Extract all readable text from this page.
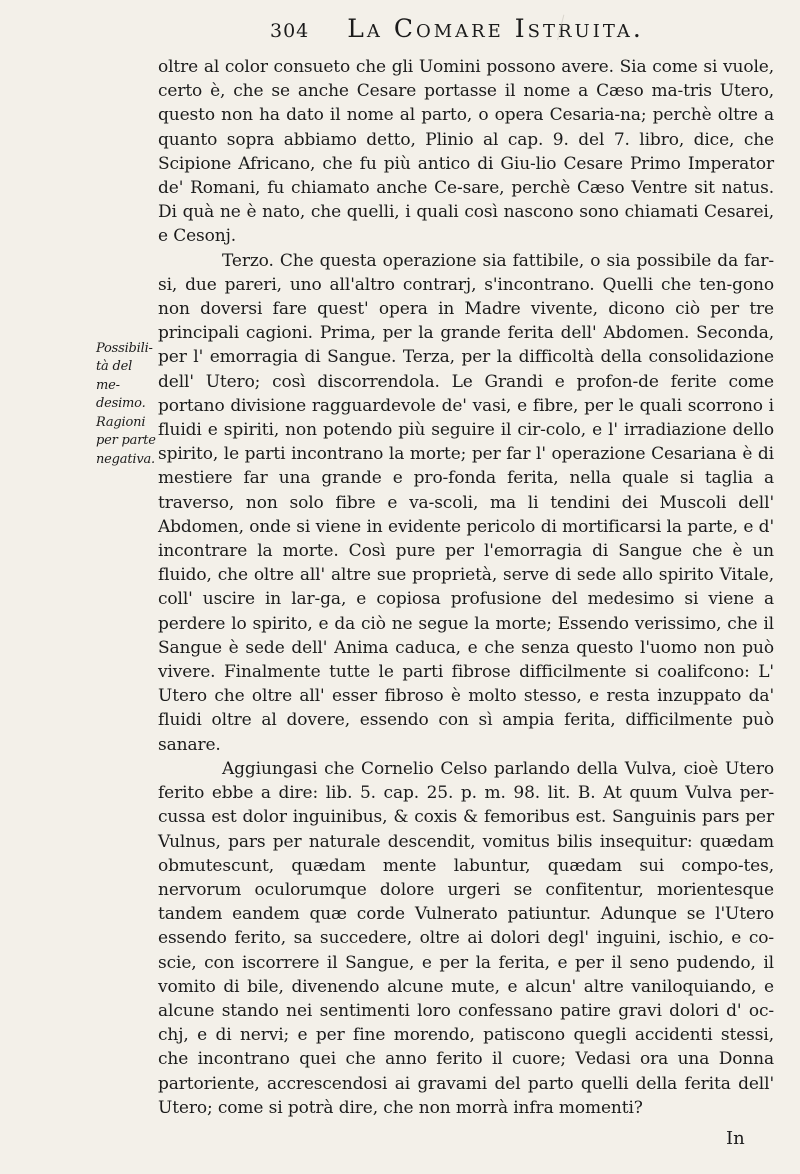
304 La Comare Istruita.
Possibili-
tà del me-
desimo.
Ragioni
per parte
negativa.

oltre al color consueto che gli Uomini possono avere. Sia come si vuole, certo è, che se anche Cesare portasse il nome a Cæso ma-tris Utero, questo non ha dato il nome al parto, o opera Cesaria-na; perchè oltre a quanto sopra abbiamo detto, Plinio al cap. 9. del 7. libro, dice, che Scipione Africano, che fu più antico di Giu-lio Cesare Primo Imperator de' Romani, fu chiamato anche Ce-sare, perchè Cæso Ventre sit natus. Di quà ne è nato, che quelli, i quali così nascono sono chiamati Cesarei, e Cesonj.

Terzo. Che questa operazione sia fattibile, o sia possibile da far-si, due pareri, uno all'altro contrarj, s'incontrano. Quelli che ten-gono non doversi fare quest' opera in Madre vivente, dicono ciò per tre principali cagioni. Prima, per la grande ferita dell' Abdomen. Seconda, per l' emorragia di Sangue. Terza, per la difficoltà della consolidazione dell' Utero; così discorrendola. Le Grandi e profon-de ferite come portano divisione ragguardevole de' vasi, e fibre, per le quali scorrono i fluidi e spiriti, non potendo più seguire il cir-colo, e l' irradiazione dello spirito, le parti incontrano la morte; per far l' operazione Cesariana è di mestiere far una grande e pro-fonda ferita, nella quale si taglia a traverso, non solo fibre e va-scoli, ma li tendini dei Muscoli dell' Abdomen, onde si viene in evidente pericolo di mortificarsi la parte, e d' incontrare la morte. Così pure per l'emorragia di Sangue che è un fluido, che oltre all' altre sue proprietà, serve di sede allo spirito Vitale, coll' uscire in lar-ga, e copiosa profusione del medesimo si viene a perdere lo spirito, e da ciò ne segue la morte; Essendo verissimo, che il Sangue è sede dell' Anima caduca, e che senza questo l'uomo non può vivere. Finalmente tutte le parti fibrose difficilmente si coalifcono: L' Utero che oltre all' esser fibroso è molto stesso, e resta inzuppato da' fluidi oltre al dovere, essendo con sì ampia ferita, difficilmente può sanare.

Aggiungasi che Cornelio Celso parlando della Vulva, cioè Utero ferito ebbe a dire: lib. 5. cap. 25. p. m. 98. lit. B. At quum Vulva per-cussa est dolor inguinibus, & coxis & femoribus est. Sanguinis pars per Vulnus, pars per naturale descendit, vomitus bilis insequitur: quædam obmutescunt, quædam mente labuntur, quædam sui compo-tes, nervorum oculorumque dolore urgeri se confitentur, morientesque tandem eandem quæ corde Vulnerato patiuntur. Adunque se l'Utero essendo ferito, sa succedere, oltre ai dolori degl' inguini, ischio, e co-scie, con iscorrere il Sangue, e per la ferita, e per il seno pudendo, il vomito di bile, divenendo alcune mute, e alcun' altre vaniloquiando, e alcune stando nei sentimenti loro confessano patire gravi dolori d' oc-chj, e di nervi; e per fine morendo, patiscono quegli accidenti stessi, che incontrano quei che anno ferito il cuore; Vedasi ora una Donna partoriente, accrescendosi ai gravami del parto quelli della ferita dell' Utero; come si potrà dire, che non morrà infra momenti?

In
